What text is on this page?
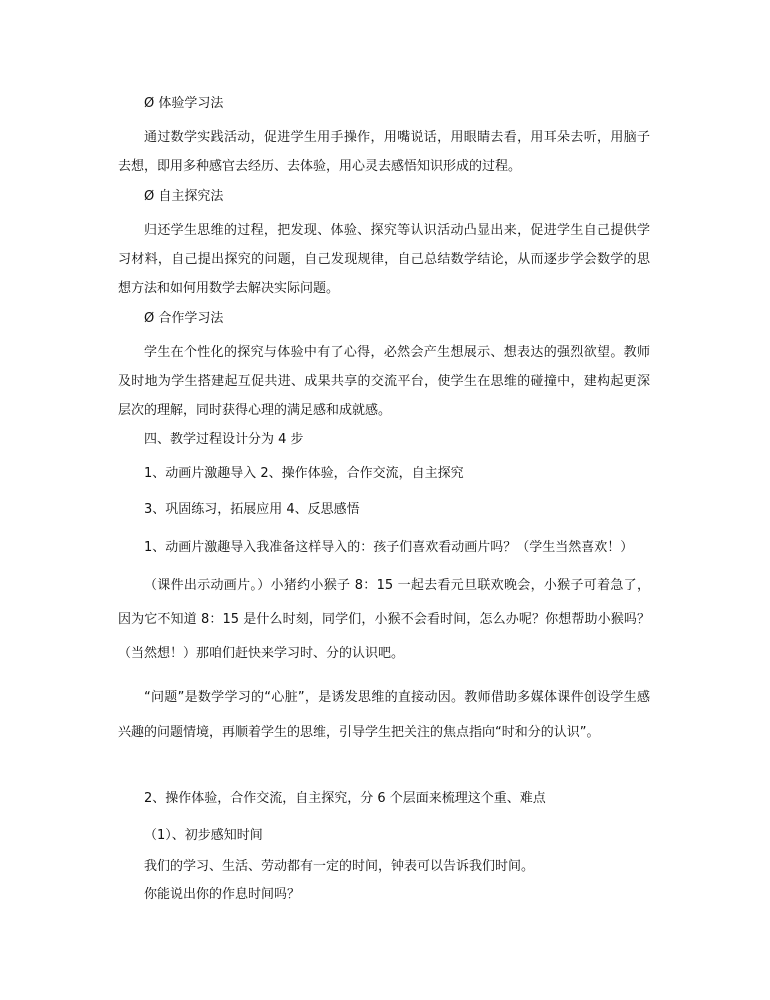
Ø 体验学习法

通过数学实践活动，促进学生用手操作，用嘴说话，用眼睛去看，用耳朵去听，用脑子去想，即用多种感官去经历、去体验，用心灵去感悟知识形成的过程。

Ø 自主探究法

归还学生思维的过程，把发现、体验、探究等认识活动凸显出来，促进学生自己提供学习材料，自己提出探究的问题，自己发现规律，自己总结数学结论，从而逐步学会数学的思想方法和如何用数学去解决实际问题。

Ø 合作学习法

学生在个性化的探究与体验中有了心得，必然会产生想展示、想表达的强烈欲望。教师及时地为学生搭建起互促共进、成果共享的交流平台，使学生在思维的碰撞中，建构起更深层次的理解，同时获得心理的满足感和成就感。

四、教学过程设计分为 4 步

1、动画片激趣导入 2、操作体验，合作交流，自主探究

3、巩固练习，拓展应用 4、反思感悟

1、动画片激趣导入我准备这样导入的：孩子们喜欢看动画片吗？（学生当然喜欢！）

（课件出示动画片。）小猪约小猴子 8：15 一起去看元旦联欢晚会，小猴子可着急了，因为它不知道 8：15 是什么时刻，同学们，小猴不会看时间，怎么办呢？你想帮助小猴吗？（当然想！）那咱们赶快来学习时、分的认识吧。

“问题”是数学学习的“心脏”，是诱发思维的直接动因。教师借助多媒体课件创设学生感兴趣的问题情境，再顺着学生的思维，引导学生把关注的焦点指向“时和分的认识”。

2、操作体验，合作交流，自主探究，分 6 个层面来梳理这个重、难点

（1）、初步感知时间

我们的学习、生活、劳动都有一定的时间，钟表可以告诉我们时间。

你能说出你的作息时间吗？
